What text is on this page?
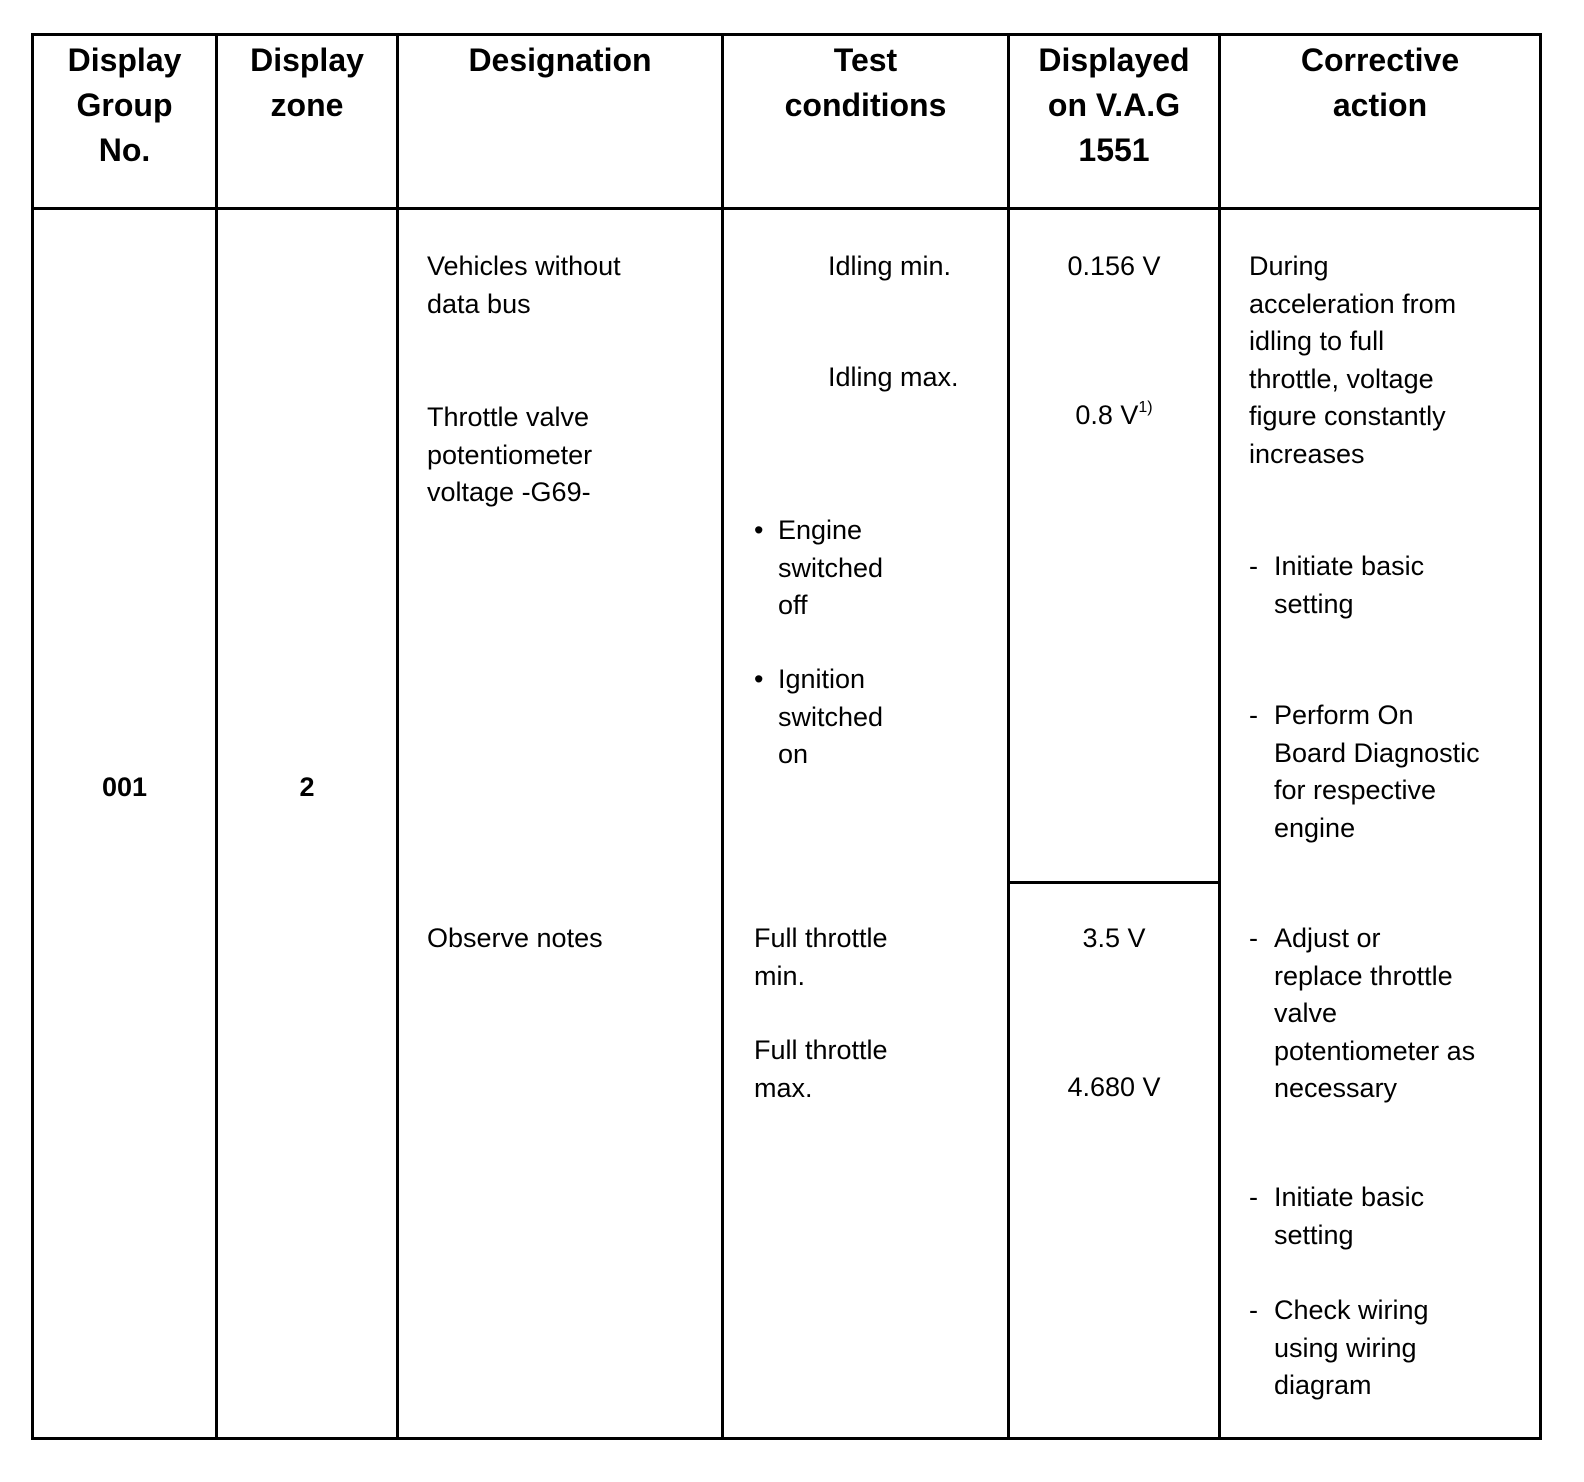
Display
Group
No.
Display
zone
Designation	Test
conditions
Displayed
on V.A.G
1551
Corrective
action
001	2
Vehicles without
data bus
Throttle valve
potentiometer
voltage -G69-
Observe notes
Idling min.
Idling max.
• Engine
switched
off
• Ignition
switched
on
Full throttle
min.
Full throttle
max.
0.156 V

0.8 $V^{1)}$

3.5 V
4.680 V
During
acceleration from
idling to full
throttle, voltage
figure constantly
increases
- Initiate basic
setting
- Perform On
Board Diagnostic
for respective
engine
- Adjust or
replace throttle
valve
potentiometer as
necessary
- Initiate basic
setting
- Check wiring
using wiring
diagram
